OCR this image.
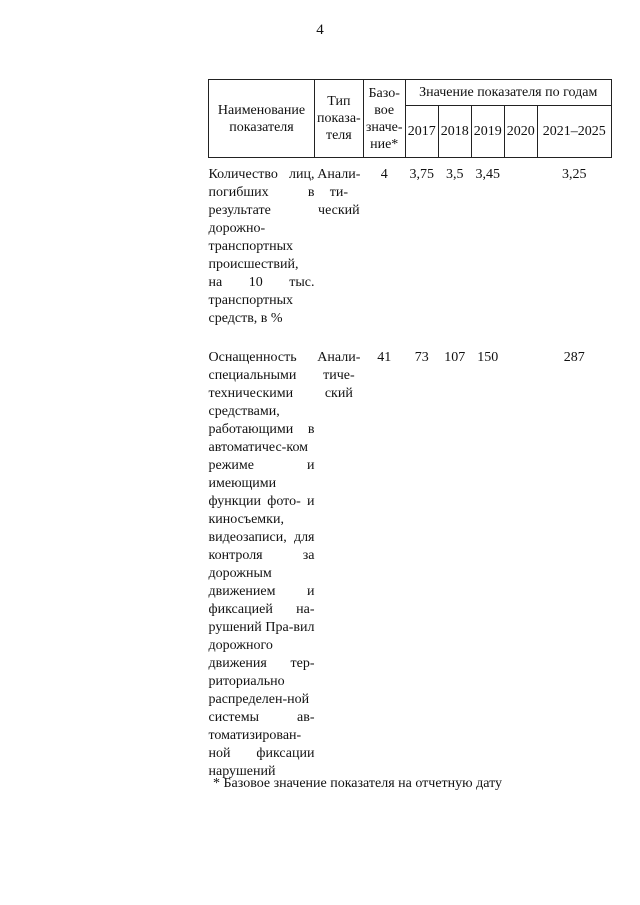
4
Наименование показателя	Тип показа-теля	Базо-вое значе-ние*	Значение показателя по годам				
			2017	2018	2019	2020	2021–2025
Количество лиц, погибших в результате дорожно-транспортных происшествий, на 10 тыс. транспортных средств, в %	Анали-ти-ческий	4	3,75	3,5	3,45		3,25
Оснащенность специальными техническими средствами, работающими в автоматичес-ком режиме и имеющими функции фото- и киносъемки, видеозаписи, для контроля за дорожным движением и фиксацией на-рушений Пра-вил дорожного движения тер-риториально распределен-ной системы ав-томатизирован-ной фиксации нарушений	Анали-тиче-ский	41	73	107	150		287
* Базовое значение показателя на отчетную дату
